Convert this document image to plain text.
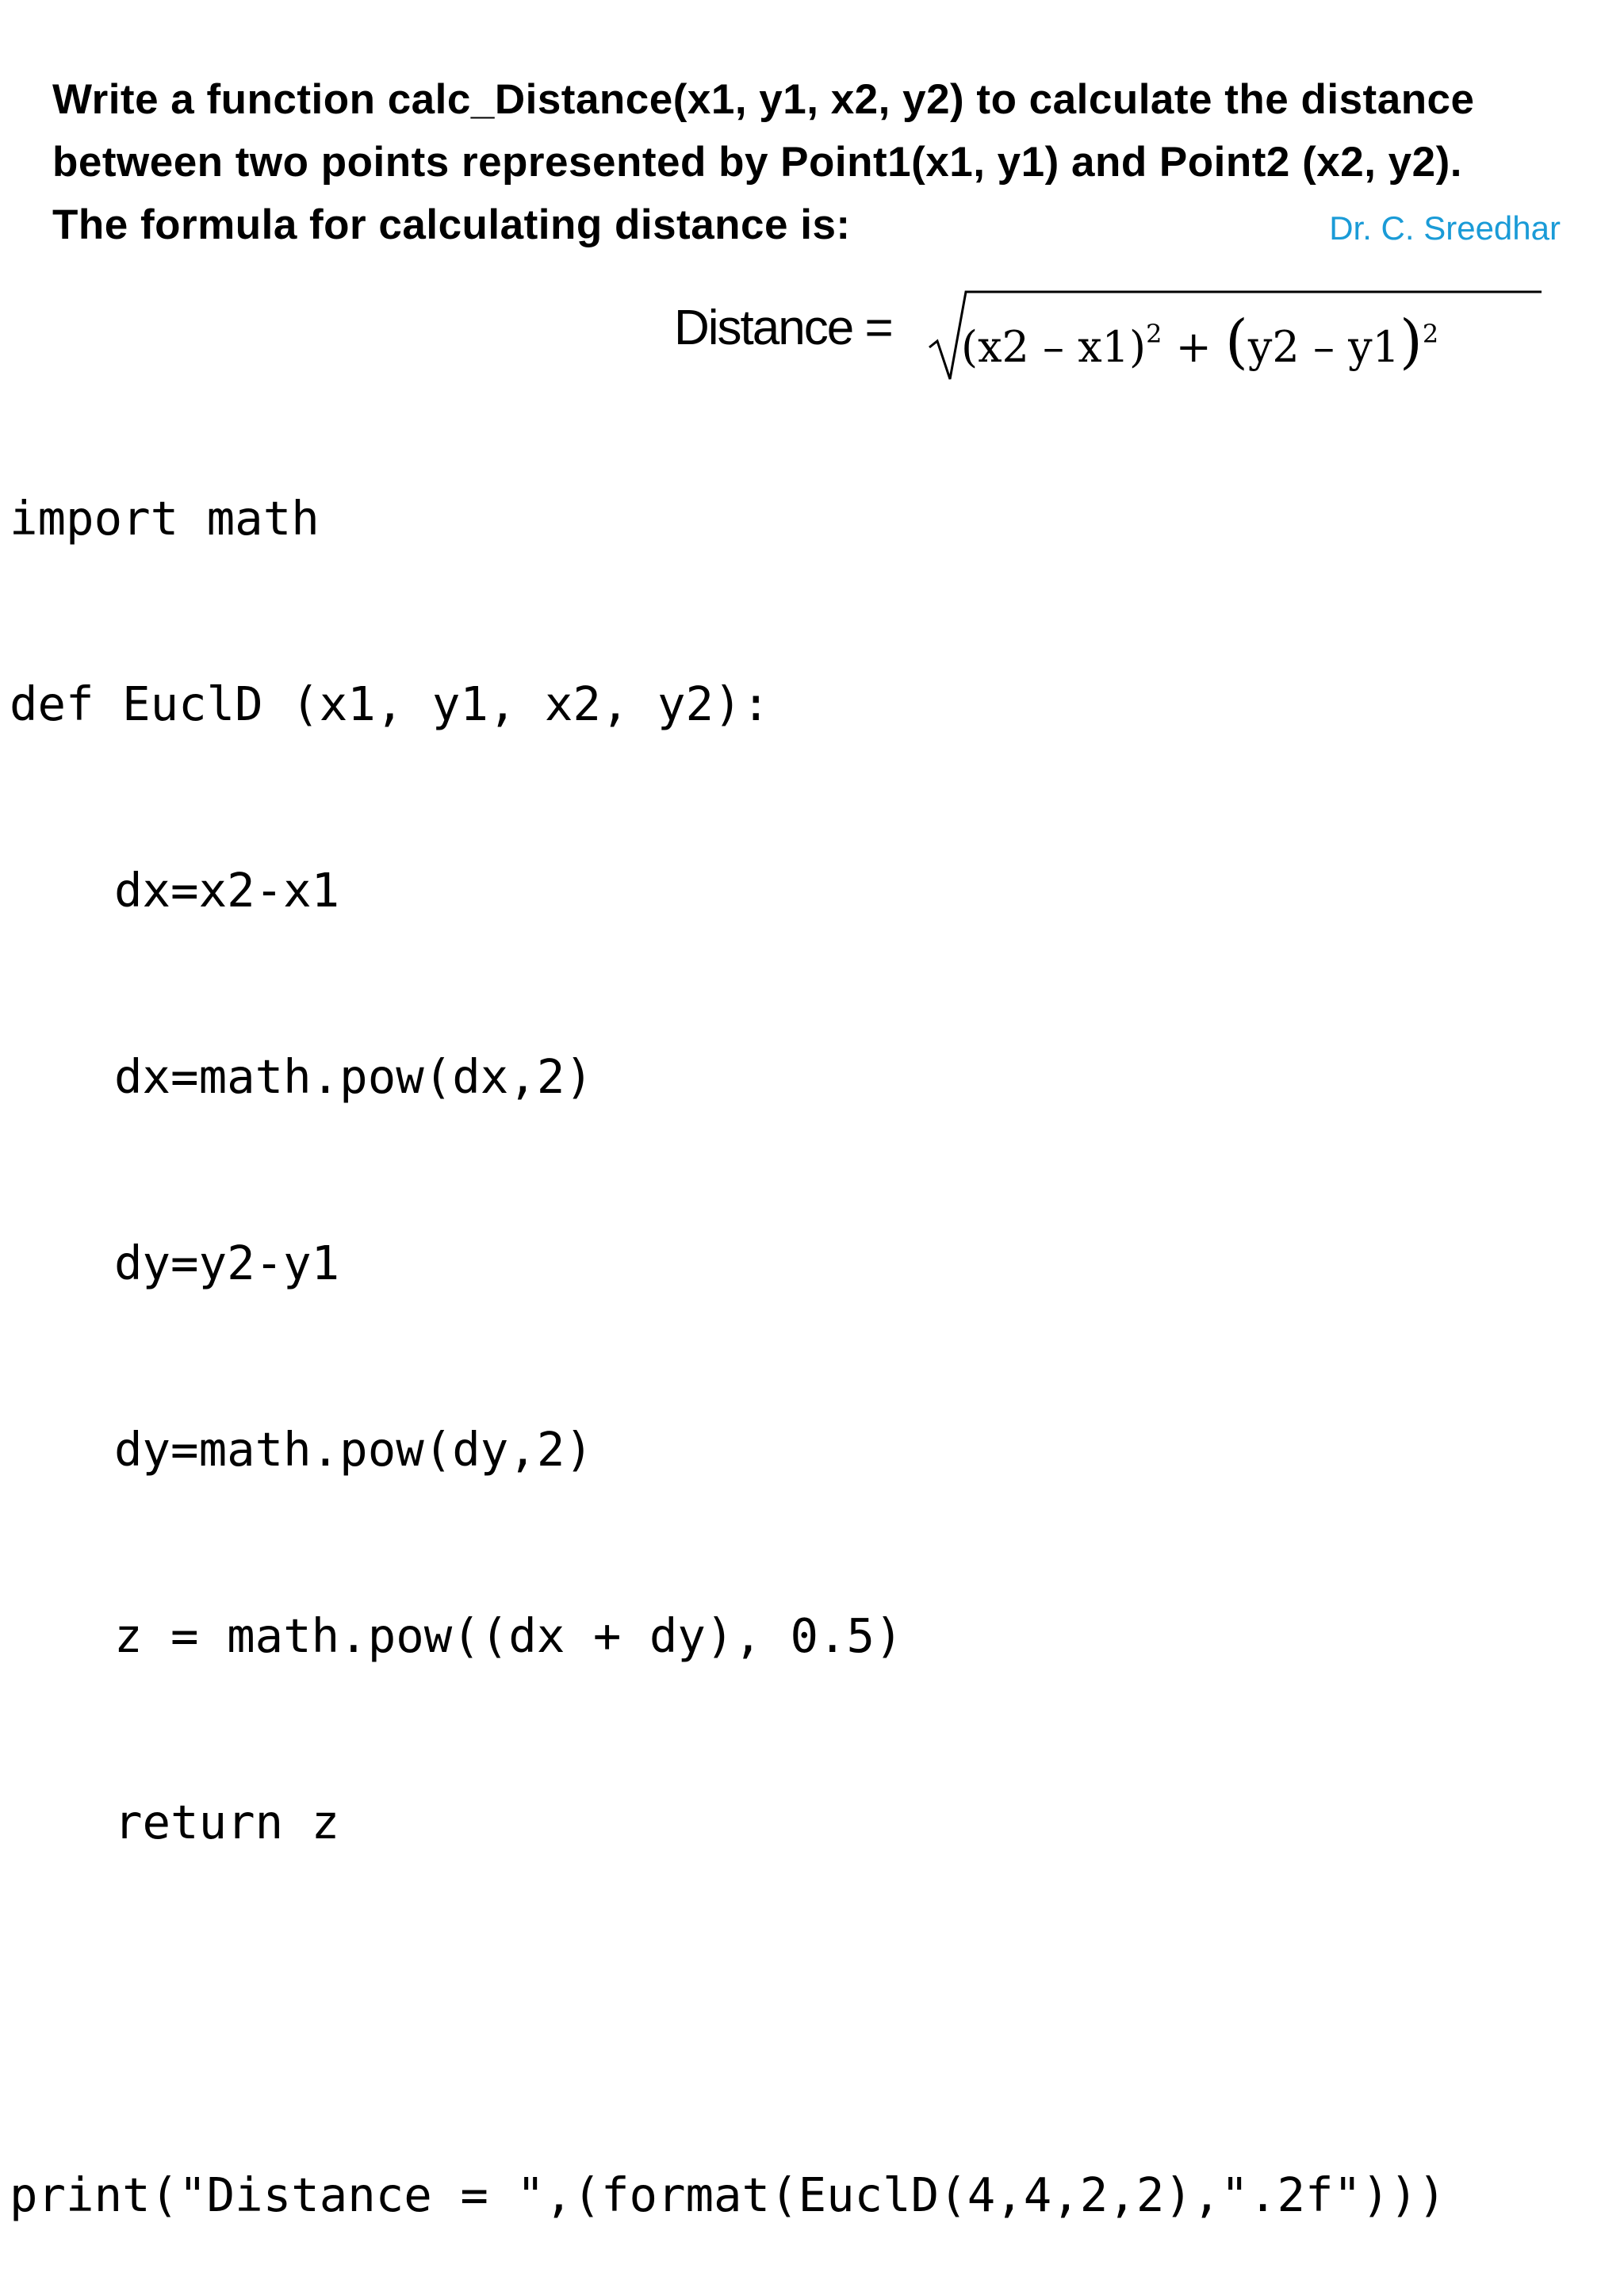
Write a function calc_Distance(x1, y1, x2, y2) to calculate the distance
between two points represented by Point1(x1, y1) and Point2 (x2, y2).
The formula for calculating distance is:	Dr. C. Sreedhar
Distance = (x2 – x1)$^2$ + (y2 – y1)$^2$

import math

def EuclD (x1, y1, x2, y2):

dx=x2-x1

dx=math.pow(dx,2)

dy=y2-y1

dy=math.pow(dy,2)

z = math.pow((dx + dy), 0.5)

return z

print("Distance = ",(format(EuclD(4,4,2,2),".2f")))
